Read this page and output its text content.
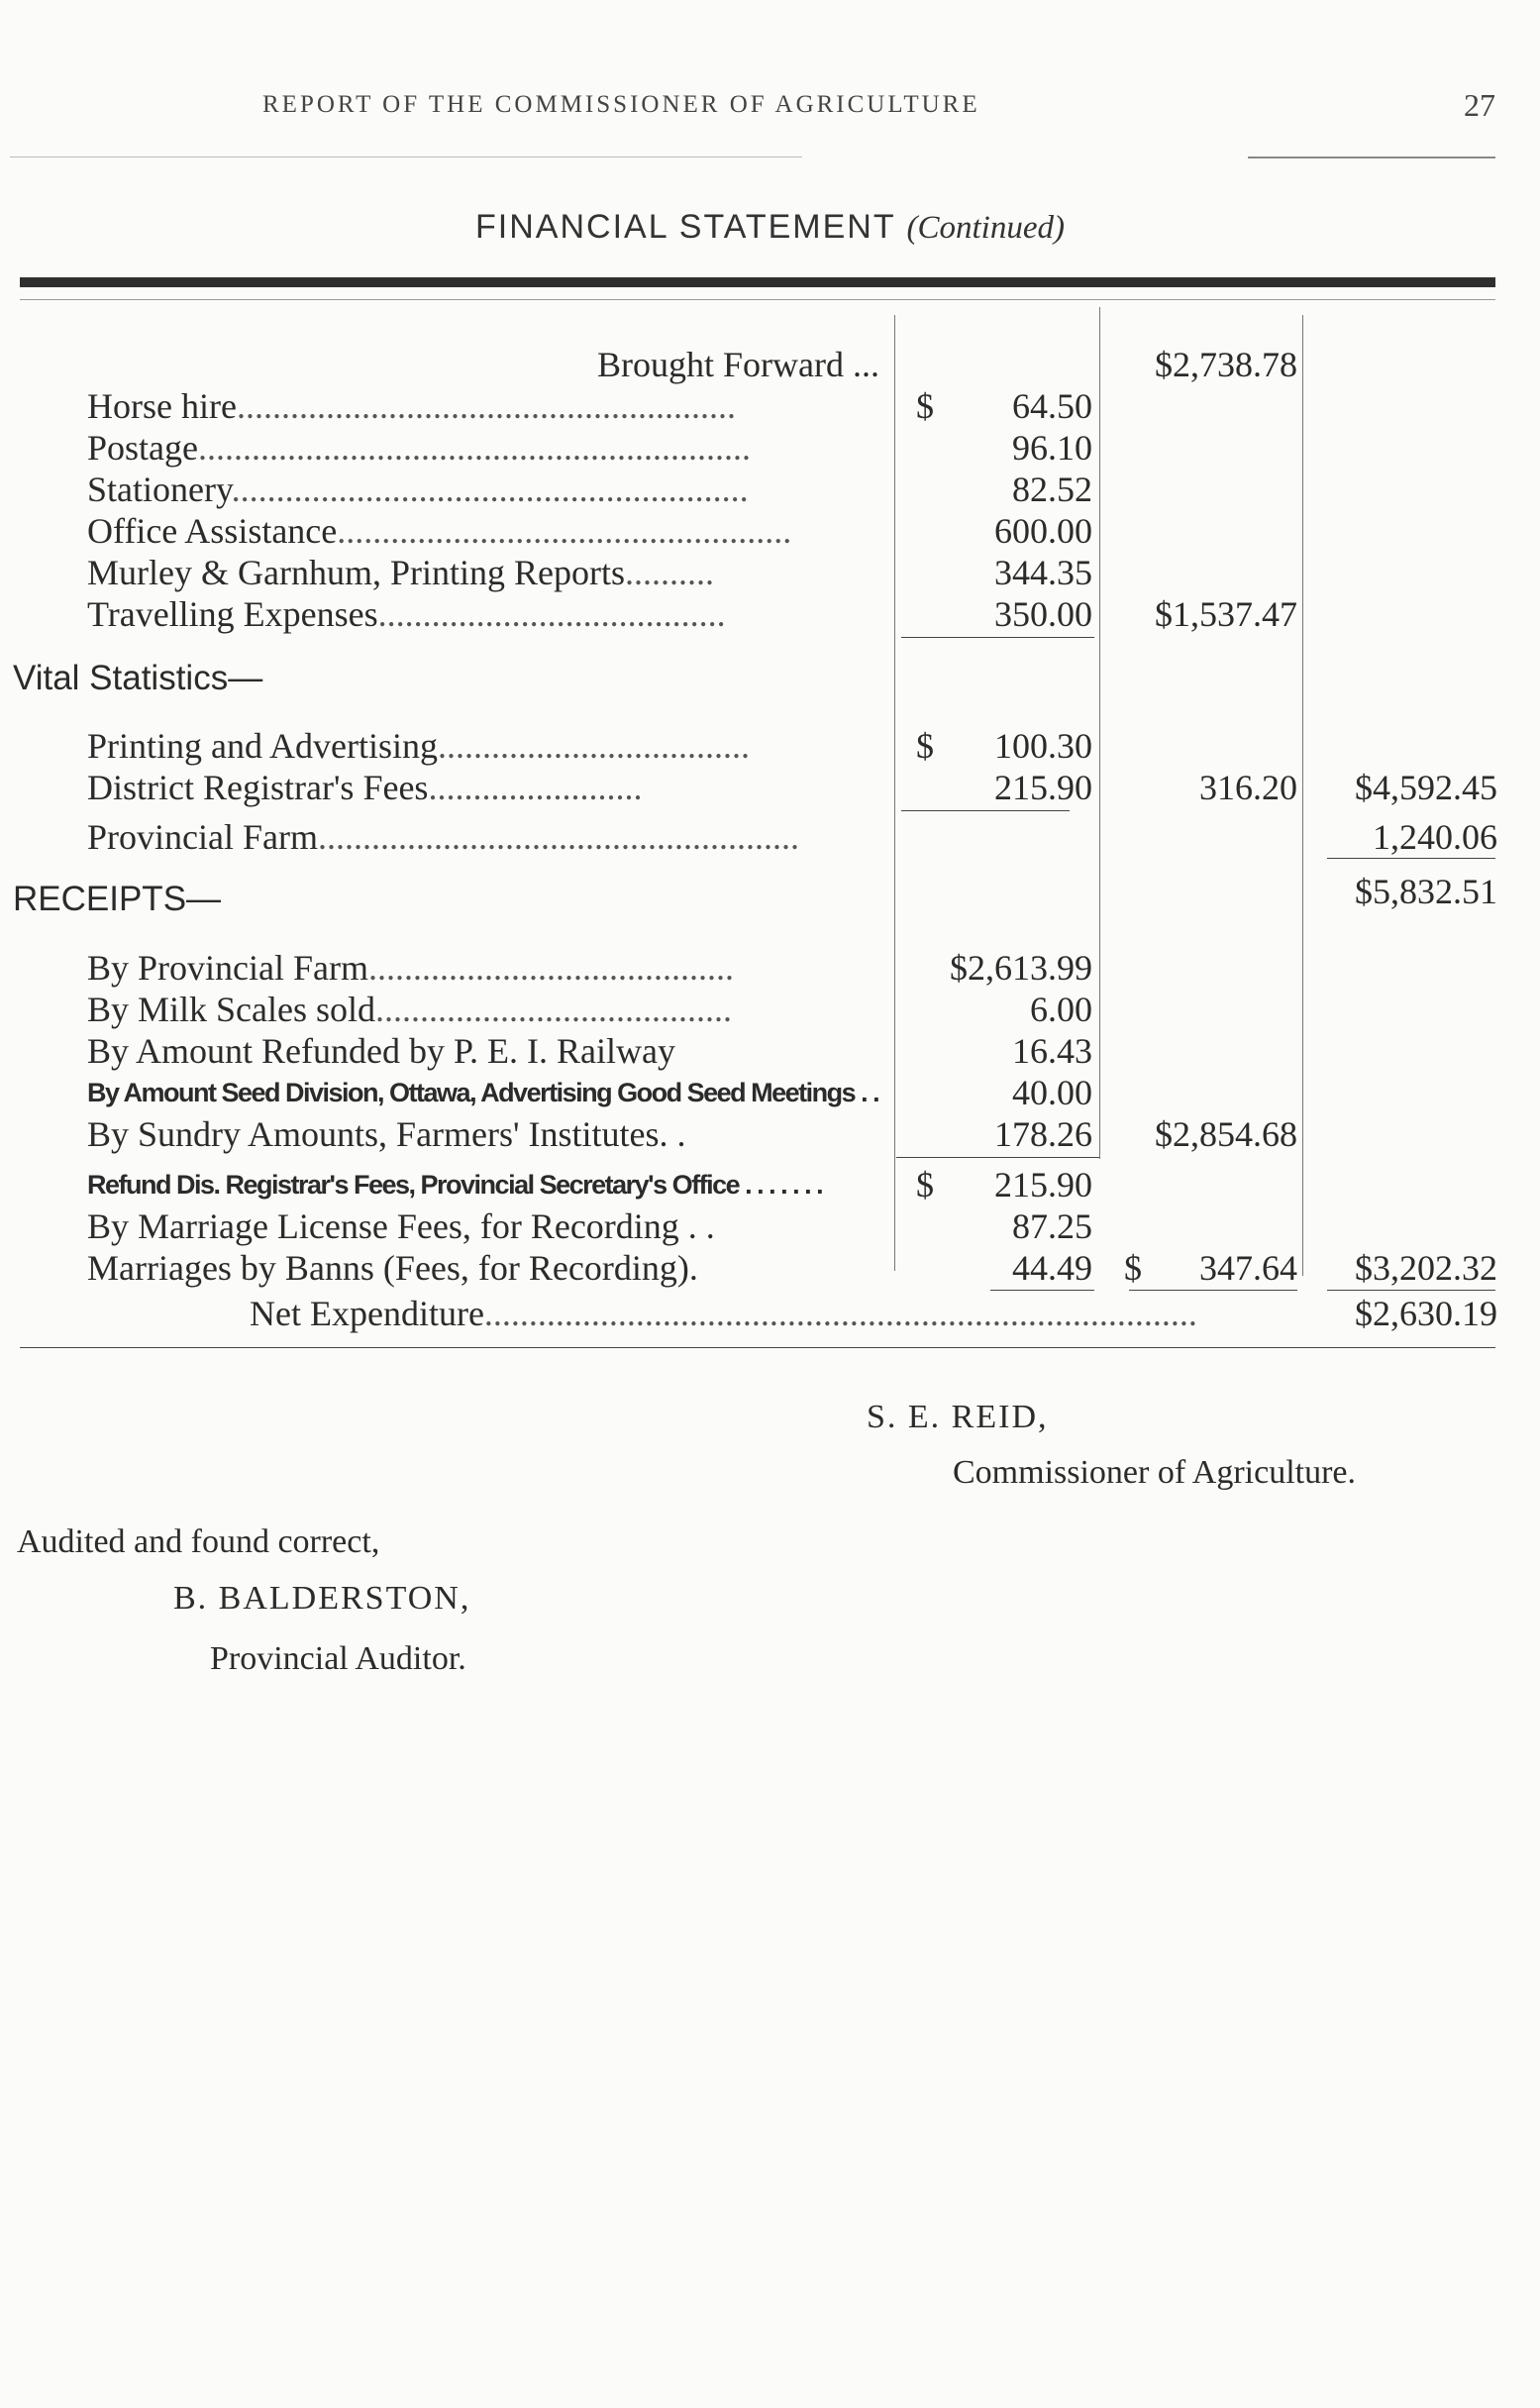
REPORT OF THE COMMISSIONER OF AGRICULTURE	27
FINANCIAL STATEMENT (Continued)
Brought Forward ...	$2,738.78
Horse hire........................................................	$	64.50
Postage..............................................................	96.10
Stationery..........................................................	82.52
Office Assistance...................................................	600.00
Murley & Garnhum, Printing Reports..........	344.35
Travelling Expenses.......................................	350.00	$1,537.47
Vital Statistics—
Printing and Advertising...................................	$	100.30
District Registrar's Fees........................	215.90	316.20	$4,592.45
Provincial Farm......................................................	1,240.06
RECEIPTS—	$5,832.51
By Provincial Farm.........................................	$2,613.99
By Milk Scales sold........................................	6.00
By Amount Refunded by P. E. I. Railway	16.43
By Amount Seed Division, Ottawa, Advertising Good Seed Meetings . .	40.00
By Sundry Amounts, Farmers' Institutes. .	178.26	$2,854.68
Refund Dis. Registrar's Fees, Provincial Secretary's Office . . . . . . .	$	215.90
By Marriage License Fees, for Recording . .	87.25
Marriages by Banns (Fees, for Recording).	44.49 $	347.64	$3,202.32
Net Expenditure................................................................................	$2,630.19
S. E. REID,
Commissioner of Agriculture.
Audited and found correct,
B. BALDERSTON,
Provincial Auditor.
